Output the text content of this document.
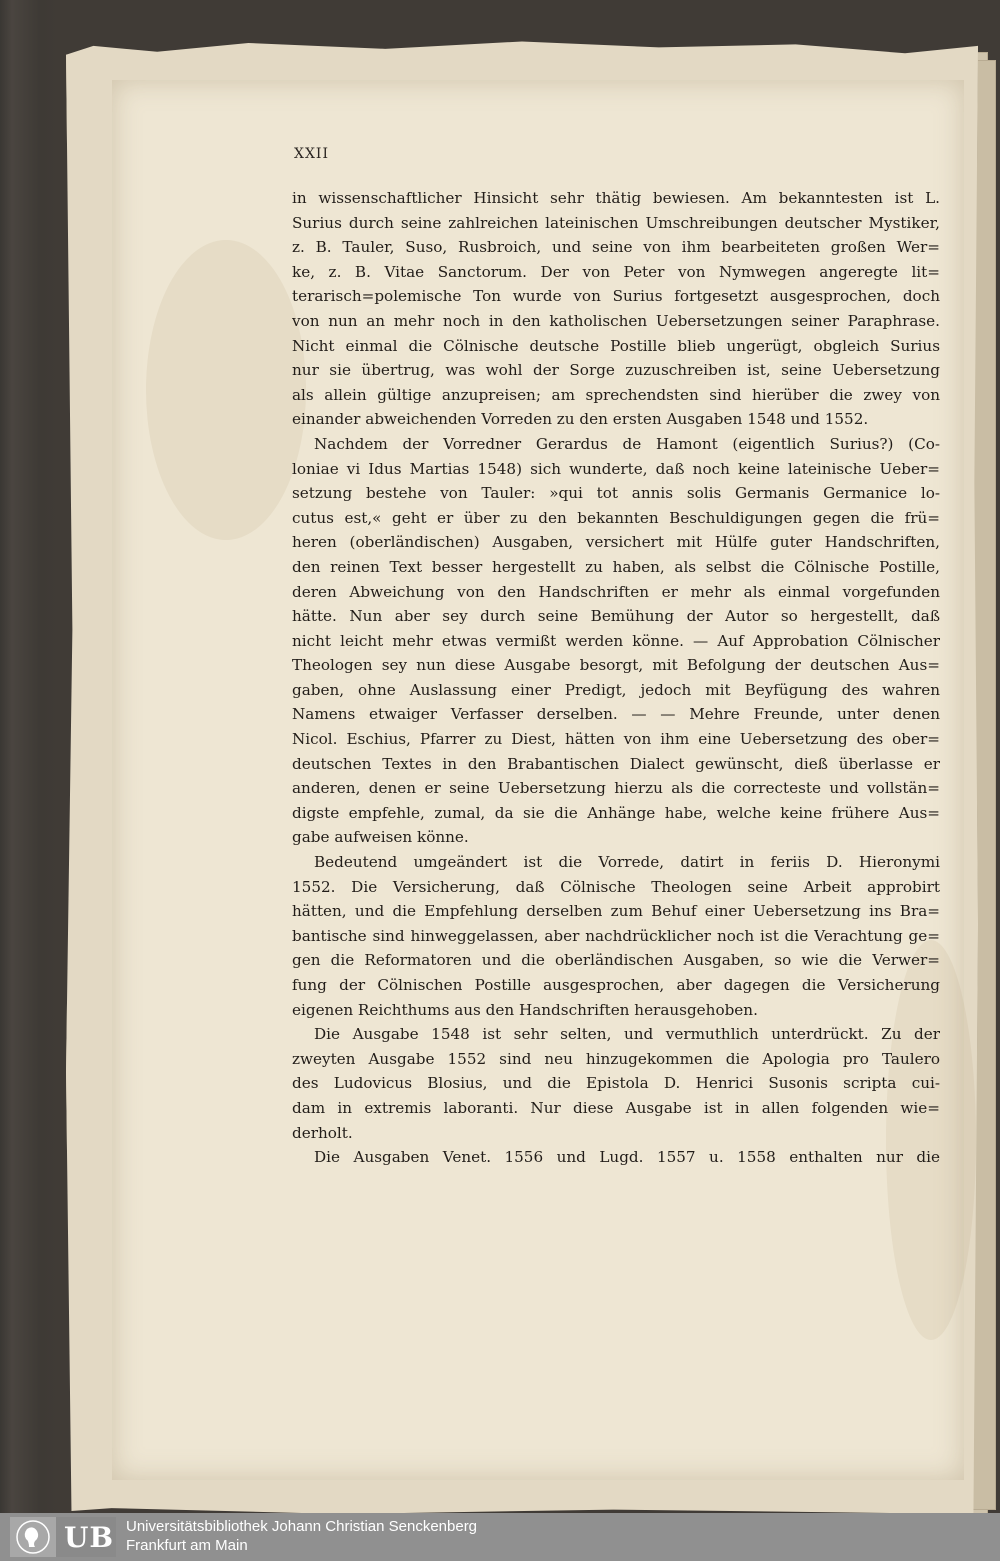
XXII
in wissenschaftlicher Hinsicht sehr thätig bewiesen. Am bekanntesten ist L.
Surius durch seine zahlreichen lateinischen Umschreibungen deutscher Mystiker,
z. B. Tauler, Suso, Rusbroich, und seine von ihm bearbeiteten großen Wer=
ke, z. B. Vitae Sanctorum. Der von Peter von Nymwegen angeregte lit=
terarisch=polemische Ton wurde von Surius fortgesetzt ausgesprochen, doch
von nun an mehr noch in den katholischen Uebersetzungen seiner Paraphrase.
Nicht einmal die Cölnische deutsche Postille blieb ungerügt, obgleich Surius
nur sie übertrug, was wohl der Sorge zuzuschreiben ist, seine Uebersetzung
als allein gültige anzupreisen; am sprechendsten sind hierüber die zwey von
einander abweichenden Vorreden zu den ersten Ausgaben 1548 und 1552.
Nachdem der Vorredner Gerardus de Hamont (eigentlich Surius?) (Co-
loniae vi Idus Martias 1548) sich wunderte, daß noch keine lateinische Ueber=
setzung bestehe von Tauler: »qui tot annis solis Germanis Germanice lo-
cutus est,« geht er über zu den bekannten Beschuldigungen gegen die frü=
heren (oberländischen) Ausgaben, versichert mit Hülfe guter Handschriften,
den reinen Text besser hergestellt zu haben, als selbst die Cölnische Postille,
deren Abweichung von den Handschriften er mehr als einmal vorgefunden
hätte. Nun aber sey durch seine Bemühung der Autor so hergestellt, daß
nicht leicht mehr etwas vermißt werden könne. — Auf Approbation Cölnischer
Theologen sey nun diese Ausgabe besorgt, mit Befolgung der deutschen Aus=
gaben, ohne Auslassung einer Predigt, jedoch mit Beyfügung des wahren
Namens etwaiger Verfasser derselben. — — Mehre Freunde, unter denen
Nicol. Eschius, Pfarrer zu Diest, hätten von ihm eine Uebersetzung des ober=
deutschen Textes in den Brabantischen Dialect gewünscht, dieß überlasse er
anderen, denen er seine Uebersetzung hierzu als die correcteste und vollstän=
digste empfehle, zumal, da sie die Anhänge habe, welche keine frühere Aus=
gabe aufweisen könne.
Bedeutend umgeändert ist die Vorrede, datirt in feriis D. Hieronymi
1552. Die Versicherung, daß Cölnische Theologen seine Arbeit approbirt
hätten, und die Empfehlung derselben zum Behuf einer Uebersetzung ins Bra=
bantische sind hinweggelassen, aber nachdrücklicher noch ist die Verachtung ge=
gen die Reformatoren und die oberländischen Ausgaben, so wie die Verwer=
fung der Cölnischen Postille ausgesprochen, aber dagegen die Versicherung
eigenen Reichthums aus den Handschriften herausgehoben.
Die Ausgabe 1548 ist sehr selten, und vermuthlich unterdrückt. Zu der
zweyten Ausgabe 1552 sind neu hinzugekommen die Apologia pro Taulero
des Ludovicus Blosius, und die Epistola D. Henrici Susonis scripta cui-
dam in extremis laboranti. Nur diese Ausgabe ist in allen folgenden wie=
derholt.
Die Ausgaben Venet. 1556 und Lugd. 1557 u. 1558 enthalten nur die
UB Universitätsbibliothek Johann Christian Senckenberg
Frankfurt am Main
